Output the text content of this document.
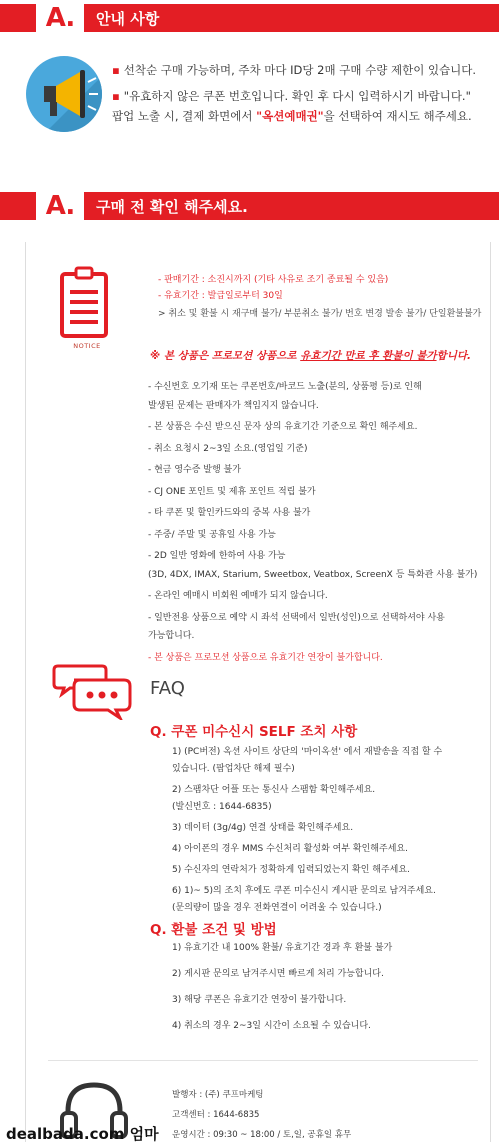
A. 안내 사항
▪ 선착순 구매 가능하며, 주차 마다 ID당 2매 구매 수량 제한이 있습니다.
▪ "유효하지 않은 쿠폰 번호입니다. 확인 후 다시 입력하시기 바랍니다."
팝업 노출 시, 결제 화면에서 "옥션예매권"을 선택하여 재시도 해주세요.
A. 구매 전 확인 해주세요.
NOTICE
- 판매기간 : 소진시까지 (기타 사유로 조기 종료될 수 있음)
- 유효기간 : 발급일로부터 30일
> 취소 및 환불 시 재구매 불가/ 부분취소 불가/ 번호 변경 발송 불가/ 단일환불불가
※ 본 상품은 프로모션 상품으로 유효기간 만료 후 환불이 불가합니다.
- 수신번호 오기재 또는 쿠폰번호/바코드 노출(분의, 상품평 등)로 인해
발생된 문제는 판매자가 책임지지 않습니다.
- 본 상품은 수신 받으신 문자 상의 유효기간 기준으로 확인 해주세요.
- 취소 요청시 2~3일 소요.(영업일 기준)
- 현금 영수증 발행 불가
- CJ ONE 포인트 및 제휴 포인트 적립 불가
- 타 쿠폰 및 할인카드와의 중복 사용 불가
- 주중/ 주말 및 공휴일 사용 가능
- 2D 일반 영화에 한하여 사용 가능
(3D, 4DX, IMAX, Starium, Sweetbox, Veatbox, ScreenX 등 특화관 사용 불가)
- 온라인 예매시 비회원 예매가 되지 않습니다.
- 일반전용 상품으로 예약 시 좌석 선택에서 일반(성인)으로 선택하셔야 사용
가능합니다.
- 본 상품은 프로모션 상품으로 유효기간 연장이 불가합니다.
FAQ
Q. 쿠폰 미수신시 SELF 조치 사항
1) (PC버전) 옥션 사이트 상단의 '마이옥션' 에서 재발송을 직접 할 수
있습니다. (팝업차단 해제 필수)
2) 스팸차단 어플 또는 통신사 스팸함 확인해주세요.
(발신번호 : 1644-6835)
3) 데이터 (3g/4g) 연결 상태를 확인해주세요.
4) 아이폰의 경우 MMS 수신처리 활성화 여부 확인해주세요.
5) 수신자의 연락처가 정확하게 입력되었는지 확인 해주세요.
6) 1)~ 5)의 조치 후에도 쿠폰 미수신시 게시판 문의로 남겨주세요.
(문의량이 많을 경우 전화연결이 어려울 수 있습니다.)
Q. 환불 조건 및 방법
1) 유효기간 내 100% 환불/ 유효기간 경과 후 환불 불가
2) 게시판 문의로 남겨주시면 빠르게 처리 가능합니다.
3) 해당 쿠폰은 유효기간 연장이 불가합니다.
4) 취소의 경우 2~3일 시간이 소요될 수 있습니다.
발행자 : (주) 쿠프마케팅
고객센터 : 1644-6835
운영시간 : 09:30 ~ 18:00 / 토,일, 공휴일 휴무
dealbada.com 엄마
